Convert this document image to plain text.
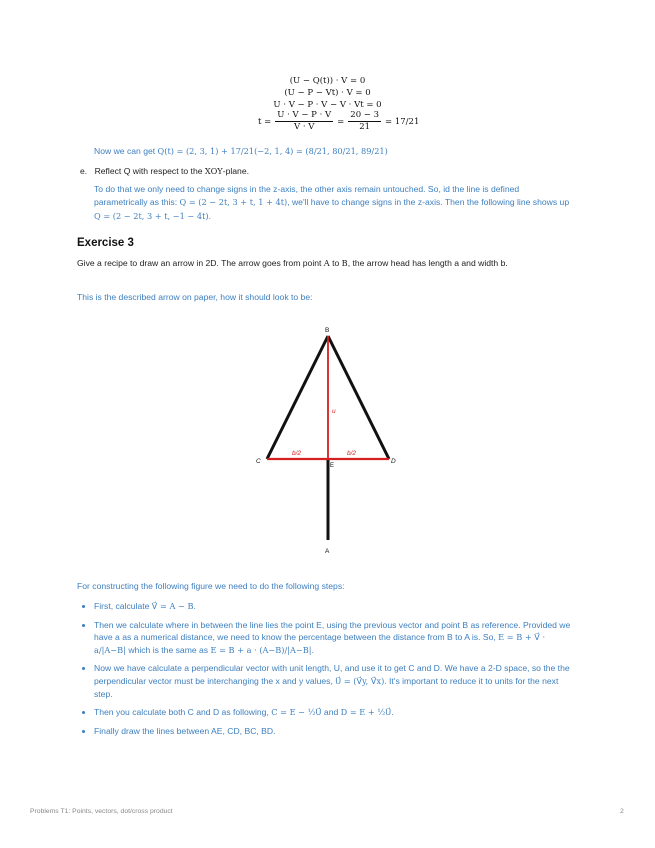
(U − Q(t)) · V = 0
(U − P − Vt) · V = 0
U · V − P · V − V · Vt = 0
$t = \frac{U \cdot V - P \cdot V}{V \cdot V} = \frac{20 - 3}{21} = 17/21$
Now we can get Q(t) = (2, 3, 1) + 17/21(−2, 1, 4) = (8/21, 80/21, 89/21)
e. Reflect Q with respect to the XOY-plane.
To do that we only need to change signs in the z-axis, the other axis remain untouched. So, id the line is defined parametrically as this: Q = (2 − 2t, 3 + t, 1 + 4t), we'll have to change signs in the z-axis. Then the following line shows up Q = (2 − 2t, 3 + t, −1 − 4t).
Exercise 3
Give a recipe to draw an arrow in 2D. The arrow goes from point A to B, the arrow head has length a and width b.
This is the described arrow on paper, how it should look to be:
B
A
C	D
E
u
b/2	b/2
For constructing the following figure we need to do the following steps:
First, calculate V⃗ = A − B.
Then we calculate where in between the line lies the point E, using the previous vector and point B as reference. Provided we have a as a numerical distance, we need to know the percentage between the distance from B to A is. So, E = B + V⃗ · a/|A−B| which is the same as E = B + a · (A−B)/|A−B|.
Now we have calculate a perpendicular vector with unit length, U, and use it to get C and D. We have a 2-D space, so the the perpendicular vector must be interchanging the x and y values, U⃗ = (V⃗y, V⃗x). It's important to reduce it to units for the next step.
Then you calculate both C and D as following, C = E − ½U⃗ and D = E + ½U⃗.
Finally draw the lines between AE, CD, BC, BD.
Problems T1: Points, vectors, dot/cross product	2
